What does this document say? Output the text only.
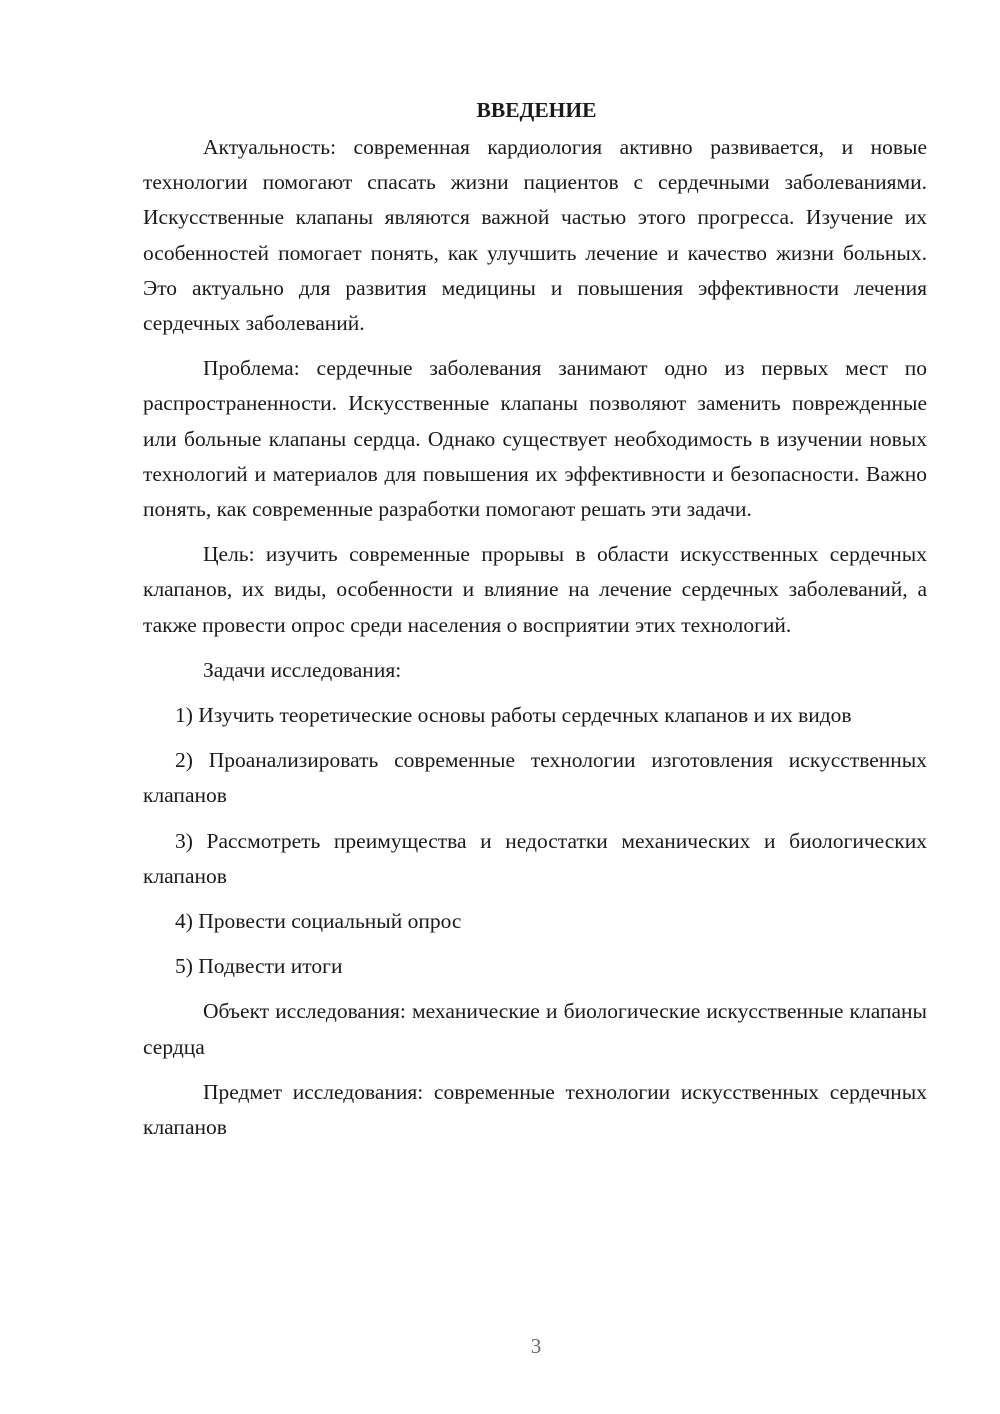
ВВЕДЕНИЕ

Актуальность: современная кардиология активно развивается, и новые технологии помогают спасать жизни пациентов с сердечными заболеваниями. Искусственные клапаны являются важной частью этого прогресса. Изучение их особенностей помогает понять, как улучшить лечение и качество жизни больных. Это актуально для развития медицины и повышения эффективности лечения сердечных заболеваний.

Проблема: сердечные заболевания занимают одно из первых мест по распространенности. Искусственные клапаны позволяют заменить поврежденные или больные клапаны сердца. Однако существует необходимость в изучении новых технологий и материалов для повышения их эффективности и безопасности. Важно понять, как современные разработки помогают решать эти задачи.

Цель: изучить современные прорывы в области искусственных сердечных клапанов, их виды, особенности и влияние на лечение сердечных заболеваний, а также провести опрос среди населения о восприятии этих технологий.

Задачи исследования:

1) Изучить теоретические основы работы сердечных клапанов и их видов

2) Проанализировать современные технологии изготовления искусственных клапанов

3) Рассмотреть преимущества и недостатки механических и биологических клапанов

4) Провести социальный опрос

5) Подвести итоги

Объект исследования: механические и биологические искусственные клапаны сердца

Предмет исследования: современные технологии искусственных сердечных клапанов

3
